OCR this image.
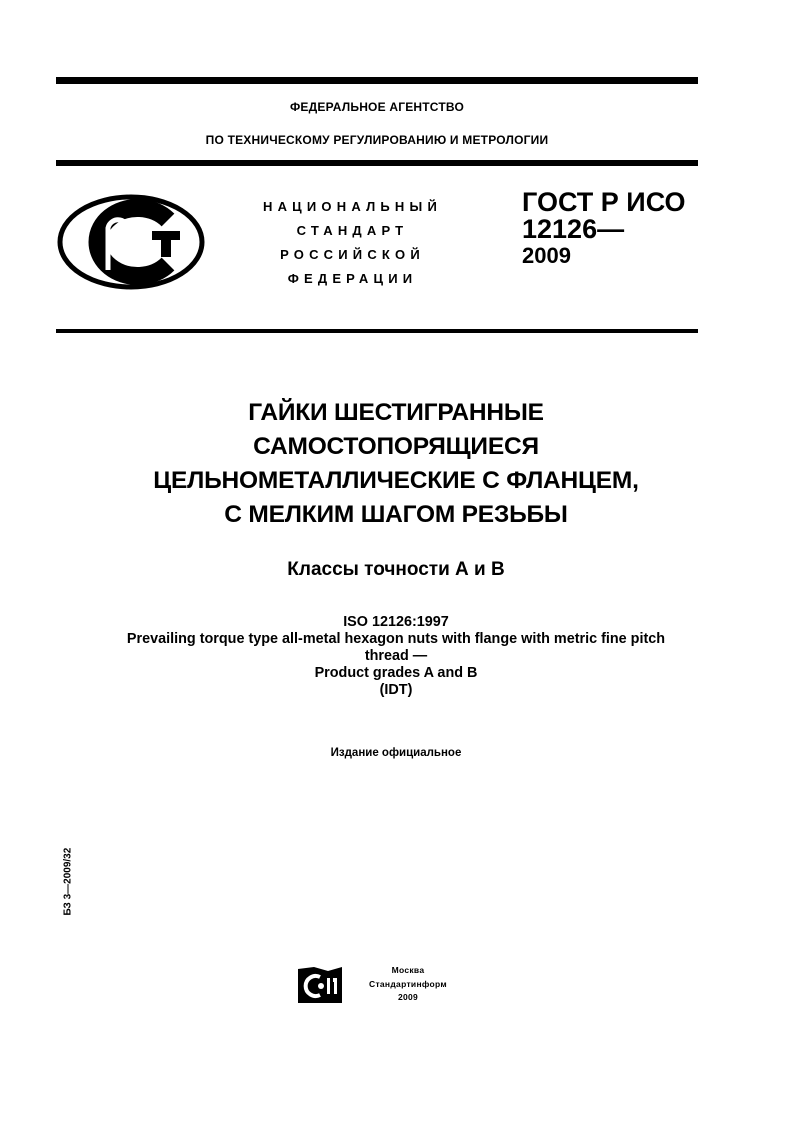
ФЕДЕРАЛЬНОЕ АГЕНТСТВО
ПО ТЕХНИЧЕСКОМУ РЕГУЛИРОВАНИЮ И МЕТРОЛОГИИ
НАЦИОНАЛЬНЫЙ
СТАНДАРТ
РОССИЙСКОЙ
ФЕДЕРАЦИИ
ГОСТ Р ИСО
12126—
2009
ГАЙКИ ШЕСТИГРАННЫЕ
САМОСТОПОРЯЩИЕСЯ
ЦЕЛЬНОМЕТАЛЛИЧЕСКИЕ С ФЛАНЦЕМ,
С МЕЛКИМ ШАГОМ РЕЗЬБЫ
Классы точности А и В
ISO 12126:1997
Prevailing torque type all-metal hexagon nuts with flange with metric fine pitch
thread —
Product grades A and B
(IDT)
Издание официальное
БЗ 3—2009/32
Москва
Стандартинформ
2009
